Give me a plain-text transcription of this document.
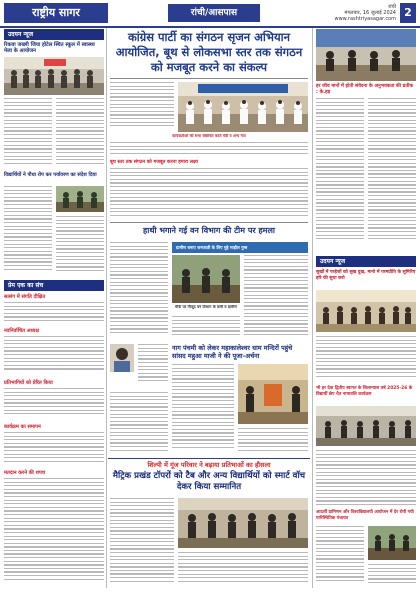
राष्ट्रीय सागर	रांची/आसपास
रांची
मंगलवार, 16 जुलाई 2024
www.rashtriyasagar.com 2
उदयन न्यूज
रिकवा जख्मी जिया होटेल स्थित स्कूल में स्वास्थ्य मेला के आयोजन
विद्यार्थियों ने पौधा रोप कर पर्यावरण का संदेश दिया
प्रेम एक का संच
सत्संग में संगति दीक्षित
नवनिर्वाचित अध्यक्ष
प्रतिभागियों को प्रेरित किया
कार्यक्रम का समापन
मतदान करने की शपथ
कांग्रेस पार्टी का संगठन सृजन अभियान आयोजित, बूथ से लोकसभा स्तर तक संगठन को मजबूत करने का संकल्प
कार्यकर्ताओं की सभा संबोधित करते मंत्री व अन्य नेता
बूथ स्तर तक संगठन को मजबूत करना हमारा लक्ष्य
हाथी भगाने गई वन विभाग की टीम पर हमला
ग्रामीण बनाए जनजाती के लिए मुद्दे माहौल गुम्ब
मौके पर मौजूद वन विभाग के कर्मी व ग्रामीण
नाग पंचमी को लेकर महाकालेश्वर धाम मन्दिरों पहुंचे सांसद महुआ माजी ने की पूजा-अर्चना
शिल्पी में गूंज परिवार ने बढ़ाया प्रतिभाओं का हौसला
मैट्रिक प्रखंड टॉपरों को टैब और अन्य विद्यार्थियों को स्मार्ट वॉच देकर किया सम्मानित
हर जीव मानों में होती संवेदना के अनुभवकता की प्रतीक : के.हड़
उदयन न्यूज
सुखों में परहेजों को सुख दुख, मानो में परमप्रीति के सुमिरिए हरि की सुधा करो
भी हर देवा द्वितीय स्वागत के शिलान्यास वर्ष 2025-26 के विद्यार्थी छेप चैत नामावलि कार्यक्रम
आदर्शी ग्रामिणन और विश्वविद्यालयी आयोजन में देर रोपी गयी पारिस्थितिक पंचायत
